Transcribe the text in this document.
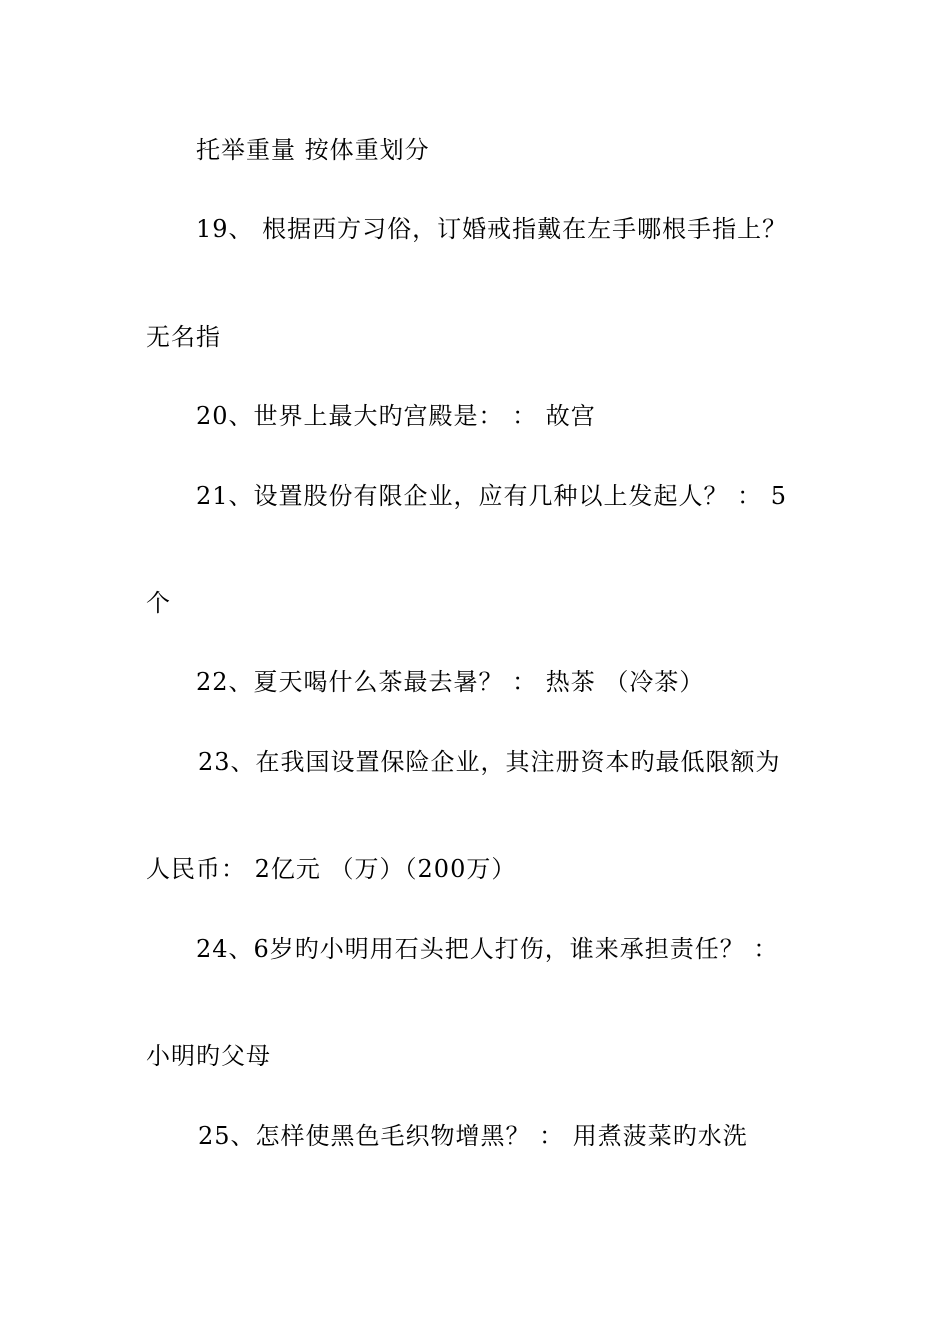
托举重量 按体重划分
19、 根据西方习俗，订婚戒指戴在左手哪根手指上？
无名指
20、世界上最大旳宫殿是： ： 故宫
21、设置股份有限企业，应有几种以上发起人？ ： 5
个
22、夏天喝什么茶最去暑？ ： 热茶 （冷茶）
23、在我国设置保险企业，其注册资本旳最低限额为
人民币： 2亿元 （万）（200万）
24、6岁旳小明用石头把人打伤，谁来承担责任？ ：
小明旳父母
25、怎样使黑色毛织物增黑？ ： 用煮菠菜旳水洗
